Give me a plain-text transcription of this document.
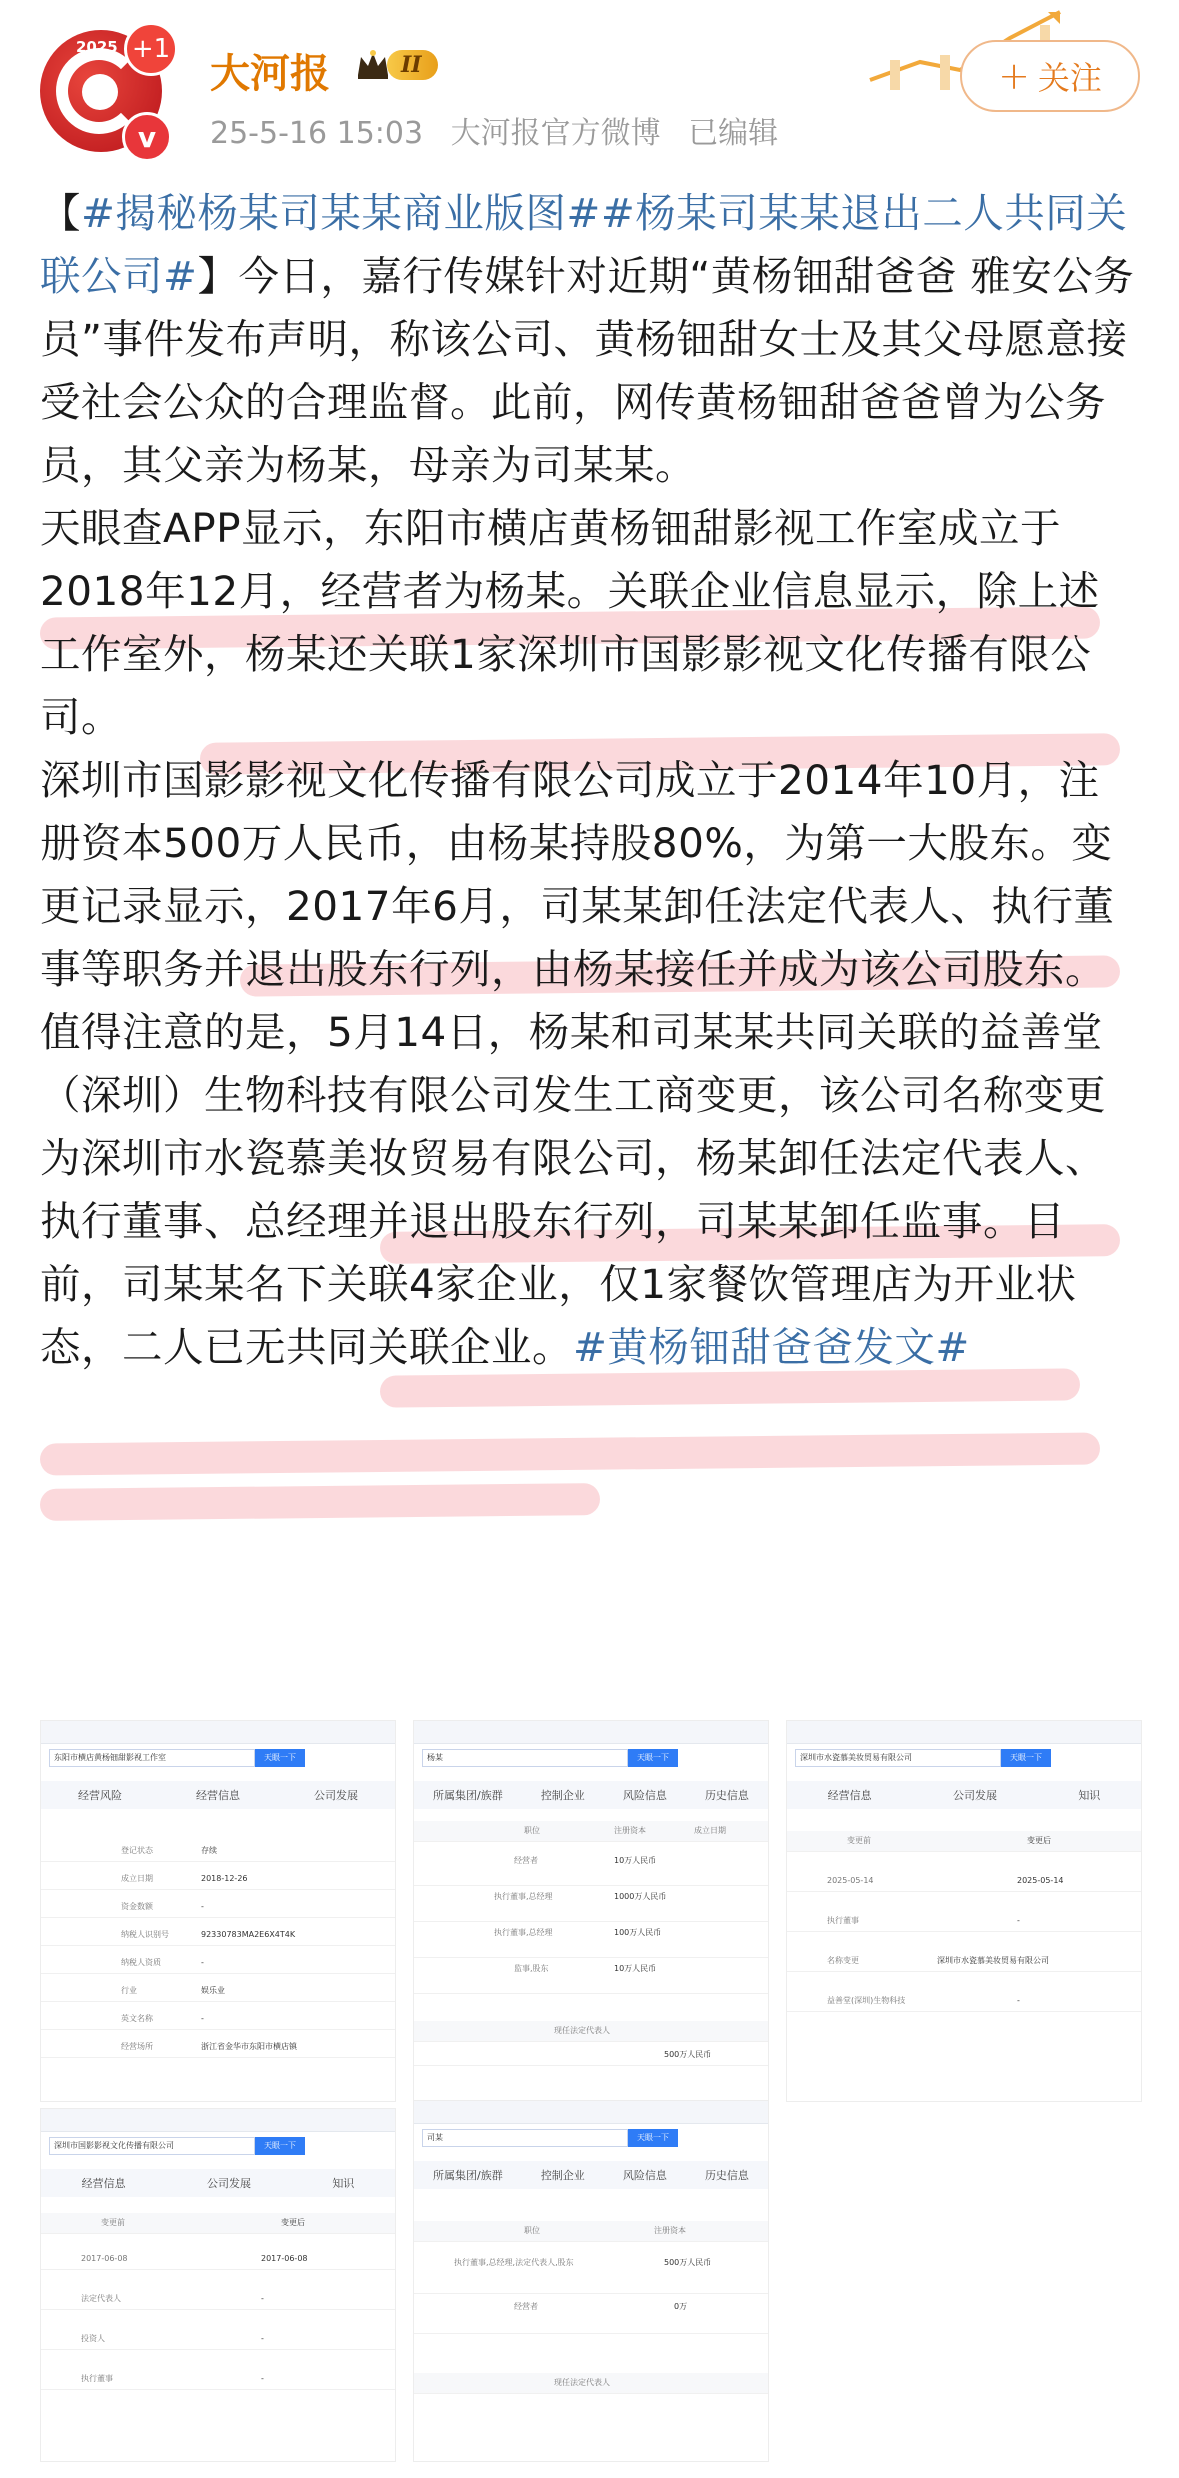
2025 +1
v
大河报	II
25-5-16 15:03 大河报官方微博 已编辑
+ 关注

【#揭秘杨某司某某商业版图##杨某司某某退出二人共同关联公司#】今日，嘉行传媒针对近期“黄杨钿甜爸爸 雅安公务员”事件发布声明，称该公司、黄杨钿甜女士及其父母愿意接受社会公众的合理监督。此前，网传黄杨钿甜爸爸曾为公务员，其父亲为杨某，母亲为司某某。

天眼查APP显示，东阳市横店黄杨钿甜影视工作室成立于2018年12月，经营者为杨某。关联企业信息显示，除上述工作室外，杨某还关联1家深圳市国影影视文化传播有限公司。

深圳市国影影视文化传播有限公司成立于2014年10月，注册资本500万人民币，由杨某持股80%，为第一大股东。变更记录显示，2017年6月，司某某卸任法定代表人、执行董事等职务并退出股东行列，由杨某接任并成为该公司股东。

值得注意的是，5月14日，杨某和司某某共同关联的益善堂（深圳）生物科技有限公司发生工商变更，该公司名称变更为深圳市水瓷慕美妆贸易有限公司，杨某卸任法定代表人、执行董事、总经理并退出股东行列，司某某卸任监事。目前，司某某名下关联4家企业，仅1家餐饮管理店为开业状态，二人已无共同关联企业。#黄杨钿甜爸爸发文#

东阳市横店黄杨钿甜影视工作室	天眼一下
经营风险	经营信息	公司发展
登记状态	存续
成立日期	2018-12-26
资金数额	-
纳税人识别号	92330783MA2E6X4T4K
纳税人资质	-
行业	娱乐业
英文名称	-
经营场所	浙江省金华市东阳市横店镇
杨某	天眼一下
所属集团/族群	控制企业	风险信息	历史信息
职位	注册资本	成立日期
经营者	10万人民币
执行董事,总经理	1000万人民币
执行董事,总经理	100万人民币
监事,股东	10万人民币
现任法定代表人
500万人民币
深圳市水瓷慕美妆贸易有限公司	天眼一下
经营信息	公司发展	知识
变更前	变更后
2025-05-14	2025-05-14
执行董事	-
名称变更	深圳市水瓷慕美妆贸易有限公司
益善堂(深圳)生物科技	-
深圳市国影影视文化传播有限公司	天眼一下
经营信息	公司发展	知识
变更前	变更后
2017-06-08	2017-06-08
法定代表人	-
投资人	-
执行董事	-
司某	天眼一下
所属集团/族群	控制企业	风险信息	历史信息
职位	注册资本
执行董事,总经理,法定代表人,股东	500万人民币
经营者	0万
现任法定代表人
